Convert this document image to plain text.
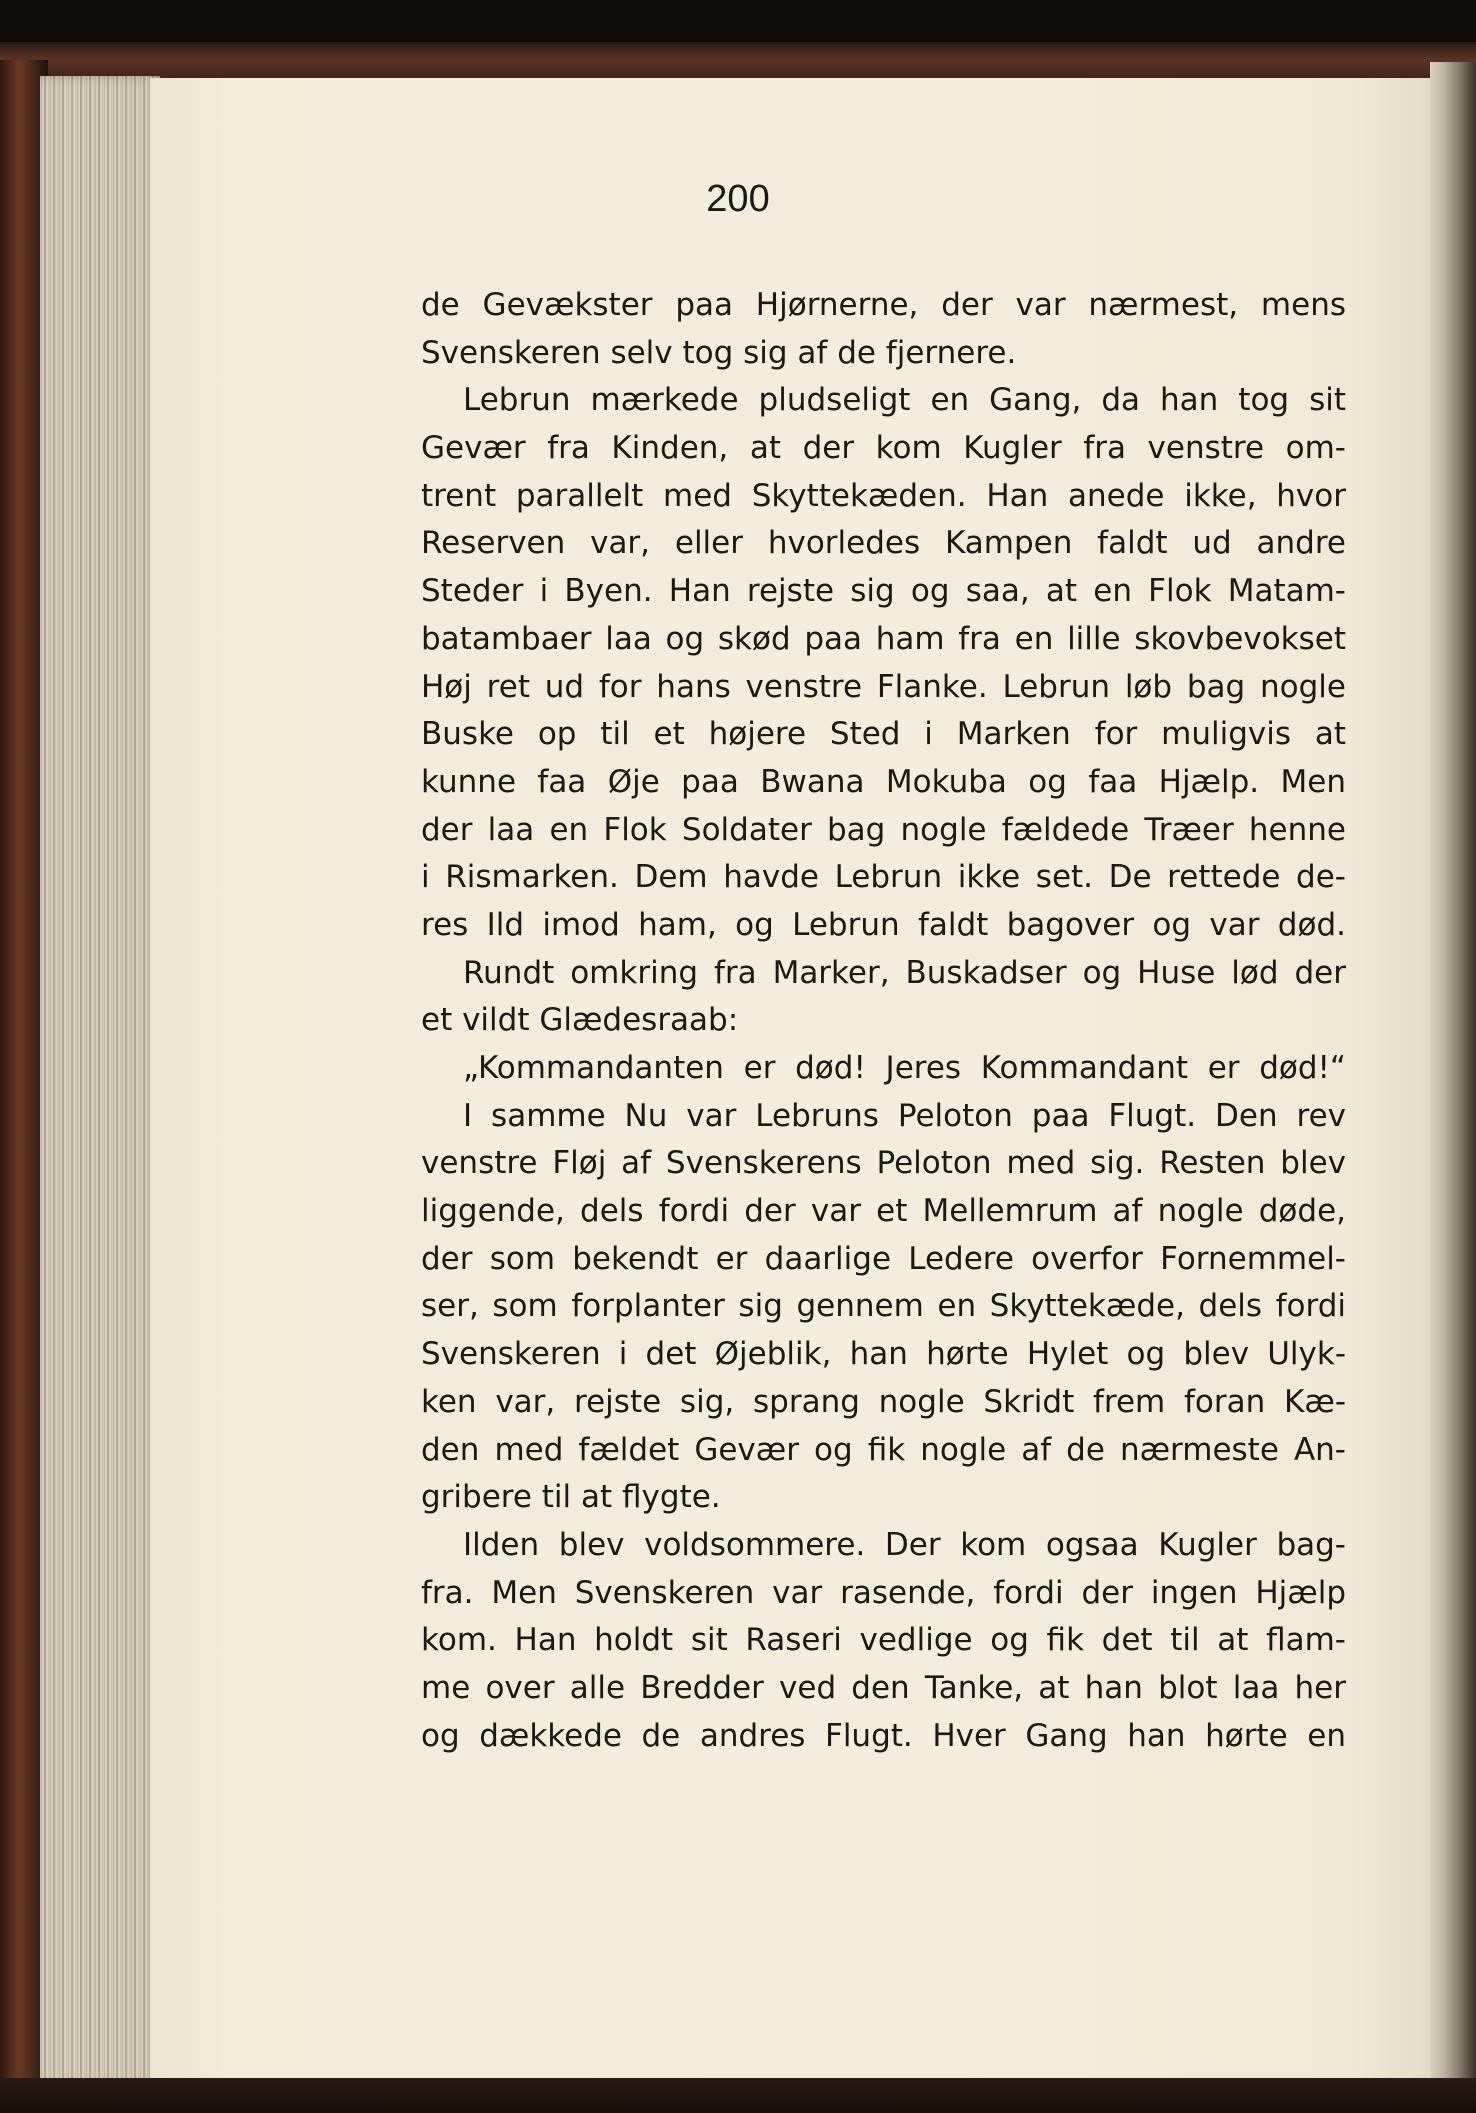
200
de Gevækster paa Hjørnerne, der var nærmest, mens
Svenskeren selv tog sig af de fjernere.
Lebrun mærkede pludseligt en Gang, da han tog sit
Gevær fra Kinden, at der kom Kugler fra venstre om-
trent parallelt med Skyttekæden. Han anede ikke, hvor
Reserven var, eller hvorledes Kampen faldt ud andre
Steder i Byen. Han rejste sig og saa, at en Flok Matam-
batambaer laa og skød paa ham fra en lille skovbevokset
Høj ret ud for hans venstre Flanke. Lebrun løb bag nogle
Buske op til et højere Sted i Marken for muligvis at
kunne faa Øje paa Bwana Mokuba og faa Hjælp. Men
der laa en Flok Soldater bag nogle fældede Træer henne
i Rismarken. Dem havde Lebrun ikke set. De rettede de-
res Ild imod ham, og Lebrun faldt bagover og var død.
Rundt omkring fra Marker, Buskadser og Huse lød der
et vildt Glædesraab:
„Kommandanten er død! Jeres Kommandant er død!“
I samme Nu var Lebruns Peloton paa Flugt. Den rev
venstre Fløj af Svenskerens Peloton med sig. Resten blev
liggende, dels fordi der var et Mellemrum af nogle døde,
der som bekendt er daarlige Ledere overfor Fornemmel-
ser, som forplanter sig gennem en Skyttekæde, dels fordi
Svenskeren i det Øjeblik, han hørte Hylet og blev Ulyk-
ken var, rejste sig, sprang nogle Skridt frem foran Kæ-
den med fældet Gevær og fik nogle af de nærmeste An-
gribere til at flygte.
Ilden blev voldsommere. Der kom ogsaa Kugler bag-
fra. Men Svenskeren var rasende, fordi der ingen Hjælp
kom. Han holdt sit Raseri vedlige og fik det til at flam-
me over alle Bredder ved den Tanke, at han blot laa her
og dækkede de andres Flugt. Hver Gang han hørte en
